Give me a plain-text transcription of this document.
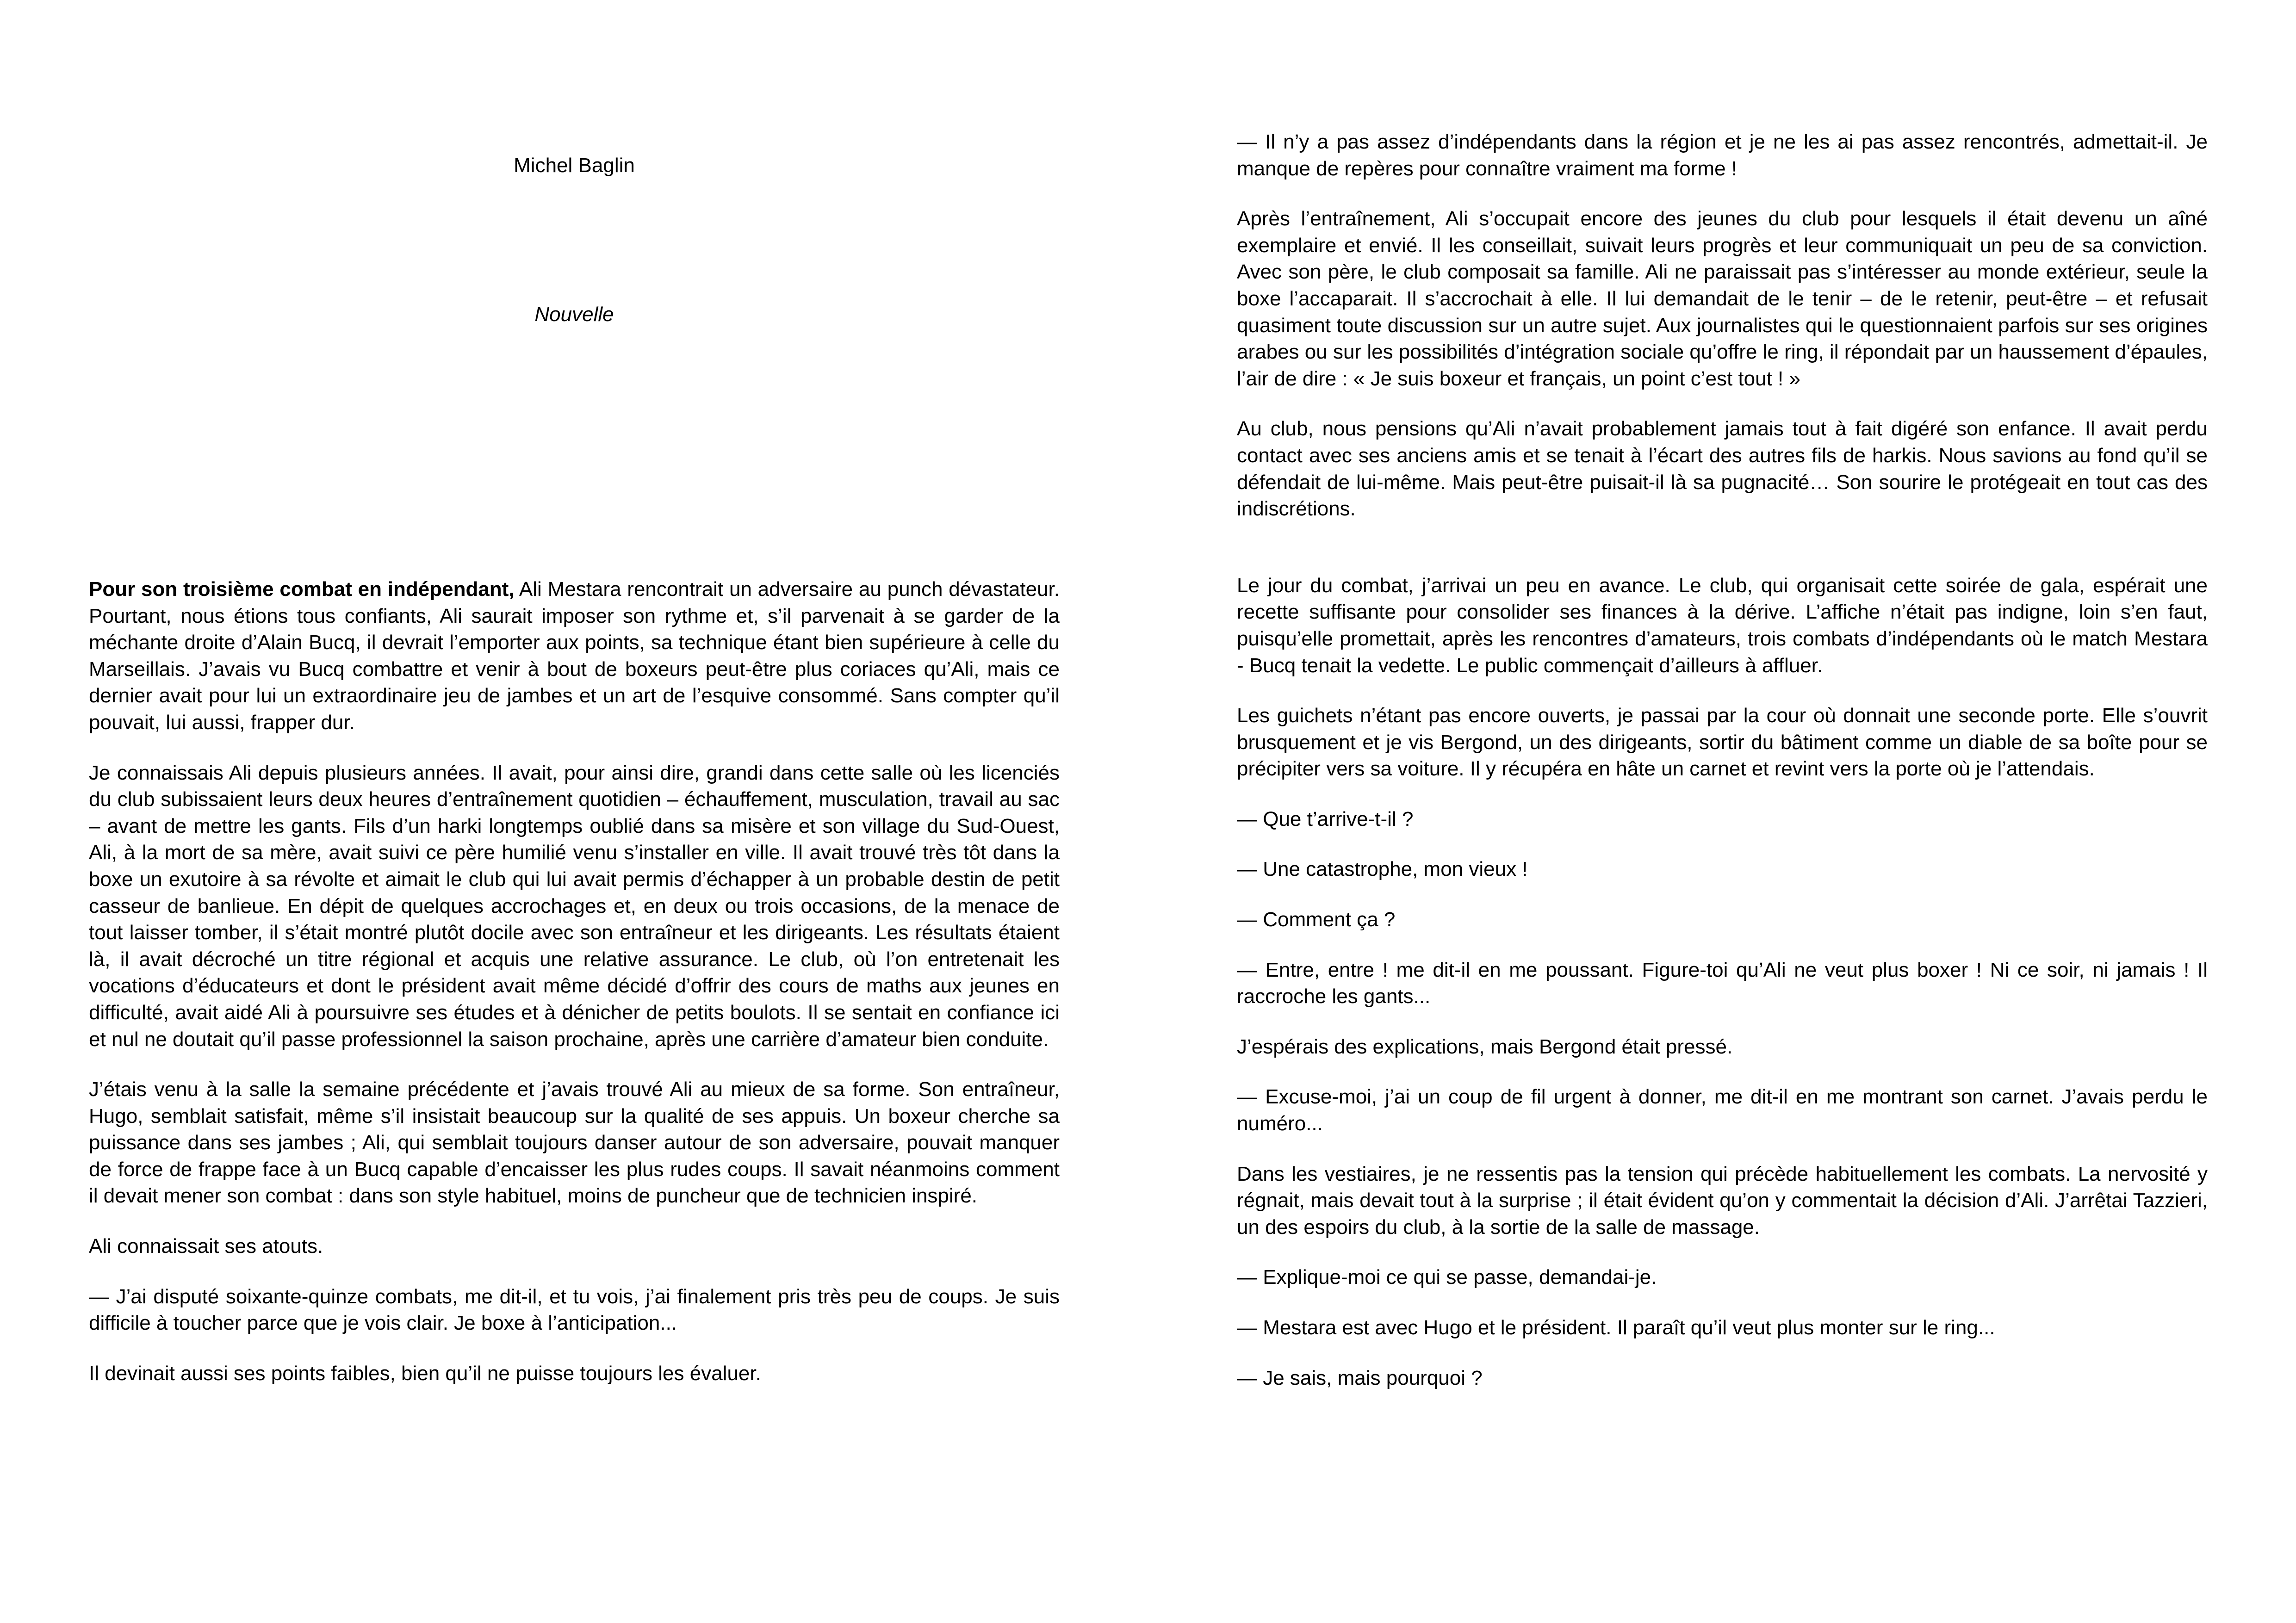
Michel Baglin
Nouvelle

Pour son troisième combat en indépendant, Ali Mestara rencontrait un adversaire au punch dévastateur. Pourtant, nous étions tous confiants, Ali saurait imposer son rythme et, s’il parvenait à se garder de la méchante droite d’Alain Bucq, il devrait l’emporter aux points, sa technique étant bien supérieure à celle du Marseillais. J’avais vu Bucq combattre et venir à bout de boxeurs peut-être plus coriaces qu’Ali, mais ce dernier avait pour lui un extraordinaire jeu de jambes et un art de l’esquive consommé. Sans compter qu’il pouvait, lui aussi, frapper dur.

Je connaissais Ali depuis plusieurs années. Il avait, pour ainsi dire, grandi dans cette salle où les licenciés du club subissaient leurs deux heures d’entraînement quotidien – échauffement, musculation, travail au sac – avant de mettre les gants. Fils d’un harki longtemps oublié dans sa misère et son village du Sud-Ouest, Ali, à la mort de sa mère, avait suivi ce père humilié venu s’installer en ville. Il avait trouvé très tôt dans la boxe un exutoire à sa révolte et aimait le club qui lui avait permis d’échapper à un probable destin de petit casseur de banlieue. En dépit de quelques accrochages et, en deux ou trois occasions, de la menace de tout laisser tomber, il s’était montré plutôt docile avec son entraîneur et les dirigeants. Les résultats étaient là, il avait décroché un titre régional et acquis une relative assurance. Le club, où l’on entretenait les vocations d’éducateurs et dont le président avait même décidé d’offrir des cours de maths aux jeunes en difficulté, avait aidé Ali à poursuivre ses études et à dénicher de petits boulots. Il se sentait en confiance ici et nul ne doutait qu’il passe professionnel la saison prochaine, après une carrière d’amateur bien conduite.

J’étais venu à la salle la semaine précédente et j’avais trouvé Ali au mieux de sa forme. Son entraîneur, Hugo, semblait satisfait, même s’il insistait beaucoup sur la qualité de ses appuis. Un boxeur cherche sa puissance dans ses jambes ; Ali, qui semblait toujours danser autour de son adversaire, pouvait manquer de force de frappe face à un Bucq capable d’encaisser les plus rudes coups. Il savait néanmoins comment il devait mener son combat : dans son style habituel, moins de puncheur que de technicien inspiré.

Ali connaissait ses atouts.

— J’ai disputé soixante-quinze combats, me dit-il, et tu vois, j’ai finalement pris très peu de coups. Je suis difficile à toucher parce que je vois clair. Je boxe à l’anticipation...

Il devinait aussi ses points faibles, bien qu’il ne puisse toujours les évaluer.

— Il n’y a pas assez d’indépendants dans la région et je ne les ai pas assez rencontrés, admettait-il. Je manque de repères pour connaître vraiment ma forme !

Après l’entraînement, Ali s’occupait encore des jeunes du club pour lesquels il était devenu un aîné exemplaire et envié. Il les conseillait, suivait leurs progrès et leur communiquait un peu de sa conviction. Avec son père, le club composait sa famille. Ali ne paraissait pas s’intéresser au monde extérieur, seule la boxe l’accaparait. Il s’accrochait à elle. Il lui demandait de le tenir – de le retenir, peut-être – et refusait quasiment toute discussion sur un autre sujet. Aux journalistes qui le questionnaient parfois sur ses origines arabes ou sur les possibilités d’intégration sociale qu’offre le ring, il répondait par un haussement d’épaules, l’air de dire : « Je suis boxeur et français, un point c’est tout ! »

Au club, nous pensions qu’Ali n’avait probablement jamais tout à fait digéré son enfance. Il avait perdu contact avec ses anciens amis et se tenait à l’écart des autres fils de harkis. Nous savions au fond qu’il se défendait de lui-même. Mais peut-être puisait-il là sa pugnacité… Son sourire le protégeait en tout cas des indiscrétions.

Le jour du combat, j’arrivai un peu en avance. Le club, qui organisait cette soirée de gala, espérait une recette suffisante pour consolider ses finances à la dérive. L’affiche n’était pas indigne, loin s’en faut, puisqu’elle promettait, après les rencontres d’amateurs, trois combats d’indépendants où le match Mestara - Bucq tenait la vedette. Le public commençait d’ailleurs à affluer.

Les guichets n’étant pas encore ouverts, je passai par la cour où donnait une seconde porte. Elle s’ouvrit brusquement et je vis Bergond, un des dirigeants, sortir du bâtiment comme un diable de sa boîte pour se précipiter vers sa voiture. Il y récupéra en hâte un carnet et revint vers la porte où je l’attendais.

— Que t’arrive-t-il ?

— Une catastrophe, mon vieux !

— Comment ça ?

— Entre, entre ! me dit-il en me poussant. Figure-toi qu’Ali ne veut plus boxer ! Ni ce soir, ni jamais ! Il raccroche les gants...

J’espérais des explications, mais Bergond était pressé.

— Excuse-moi, j’ai un coup de fil urgent à donner, me dit-il en me montrant son carnet. J’avais perdu le numéro...

Dans les vestiaires, je ne ressentis pas la tension qui précède habituellement les combats. La nervosité y régnait, mais devait tout à la surprise ; il était évident qu’on y commentait la décision d’Ali. J’arrêtai Tazzieri, un des espoirs du club, à la sortie de la salle de massage.

— Explique-moi ce qui se passe, demandai-je.

— Mestara est avec Hugo et le président. Il paraît qu’il veut plus monter sur le ring...

— Je sais, mais pourquoi ?
